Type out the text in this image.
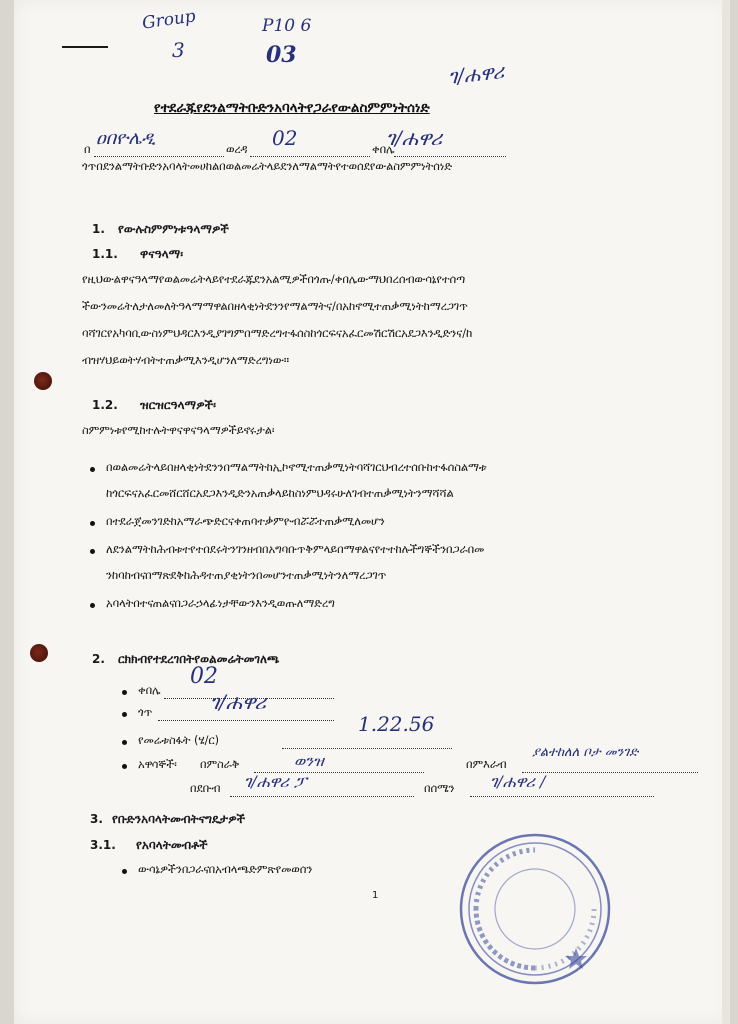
Group
3
P10 6
03
ገ/ሐዋሪ
የተደራጁየደንልማትቡድንአባላትየጋራየውልስምምነትሰነድ
በ
ዐበዮሌዲ
ወረዳ 02	ቀበሌ
ገ/ሐዋሪ
ጎጥበደንልማትቡድንአባላትመሀከልበወልመሬትላይደንለማልማትየተወሰደየውልስምምነትሰነድ
1. የውሉስምምነቱዓላማዎች
1.1. ዋናዓላማ፡
የዚህውልዋናዓላማየወልመሬትላይየተደራጁደንአልሚዎችበጎጡ/ቀበሌውማህበረሰብውሳኔየተሰጣ
ችውንመሬትለታለመለትዓላማማዋልበዘላቂነትደንንየማልማትና/በአከኖሚተጠቃሚነትከማረጋገጥ
ባሻገርየአካባቢውስነምህዳርእንዲያገግምበማድረግተፋሰስከጎርፍናአፈርመሽርሽርአደጋእንዲድንና/ከ
ብዝሃህይወትሃብትተጠቃሚእንዲሆንለማድረግነው።
1.2. ዝርዝርዓላማዎች፡
ስምምነቱየሚከተሉትዋናዋናዓላማዎችይኖሩታል፡
በወልመሬትላይበዘላቂነትደንንበማልማትከኢኮኖሚተጠቃሚነትባሻገርህብረተሰቡከተፋሰስልማቱ
ከጎርፍናአፈርመሸርሸርአደጋእንዲድንአጠቃላይከስነምህዳሩሁለገብተጠቃሚነትንማሻሻል
በተደራጀመንገድከአማራጭድርናቀጠባተቃምዮብሯሯተጠቃሚለመሆን
ለደንልማትከሕብቱተየተበደሩትንገንዘብበአግባቡጥቅምላይበማዋልናየተተከሉችግኞችንበጋራበመ
ንከባከብናበማጽደቅከሕዳተጠያቂነትንበመሆንተጠቃሚነትንለማረጋገጥ
አባላትበተናጠልናበጋራኃላፊነታቸውንእንዲወጡለማድረግ
2. ርክክብየተደረገበትየወልመሬትመገለጫ
ቀበሌ
02
ጎጥ	ገ/ሐዋሪ
የመሬቱስፋት (ሄ/ር)
1.22.56
አዋሳኞች፡ በምስራቅ	ወንዝ	በምእራብ
ያልተከለለ ቦታ መንገድ
በደቡብ ገ/ሐዋሪ ፓ	በሰሜን ገ/ሐዋሪ /
3. የቡድንአባላትመብትናግዴታዎች
3.1. የአባላትመብቶች
ውሳኔዎችንበጋራናበአብላጫድምጽየመወሰን
1
